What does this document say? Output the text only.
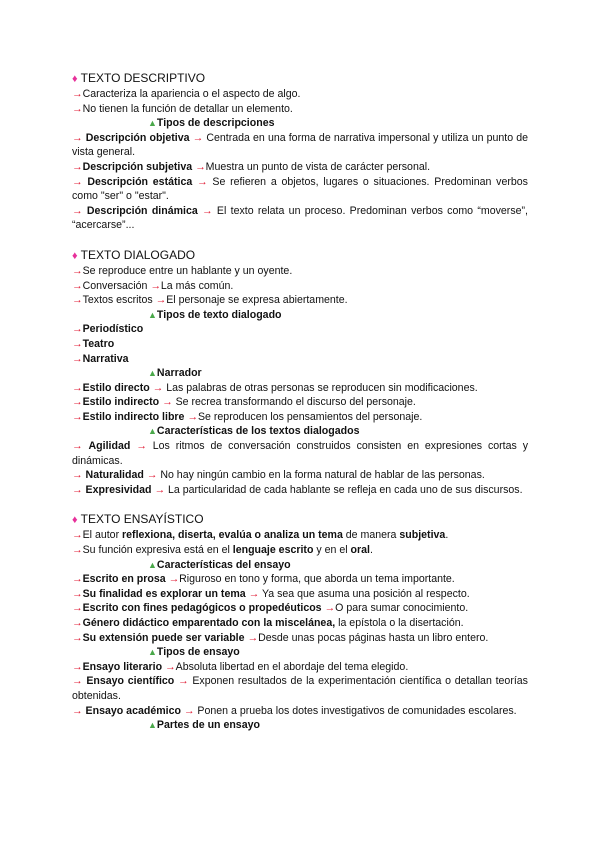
♦ TEXTO DESCRIPTIVO
→Caracteriza la apariencia o el aspecto de algo.
→No tienen la función de detallar un elemento.
▲Tipos de descripciones
→ Descripción objetiva → Centrada en una forma de narrativa impersonal y utiliza un punto de vista general.
→Descripción subjetiva →Muestra un punto de vista de carácter personal.
→ Descripción estática → Se refieren a objetos, lugares o situaciones. Predominan verbos como "ser" o "estar".
→ Descripción dinámica → El texto relata un proceso. Predominan verbos como “moverse”, “acercarse”...
♦ TEXTO DIALOGADO
→Se reproduce entre un hablante y un oyente.
→Conversación →La más común.
→Textos escritos →El personaje se expresa abiertamente.
▲Tipos de texto dialogado
→Periodístico
→Teatro
→Narrativa
▲Narrador
→Estilo directo → Las palabras de otras personas se reproducen sin modificaciones.
→Estilo indirecto → Se recrea transformando el discurso del personaje.
→Estilo indirecto libre →Se reproducen los pensamientos del personaje.
▲Características de los textos dialogados
→ Agilidad → Los ritmos de conversación construidos consisten en expresiones cortas y dinámicas.
→ Naturalidad → No hay ningún cambio en la forma natural de hablar de las personas.
→ Expresividad → La particularidad de cada hablante se refleja en cada uno de sus discursos.
♦ TEXTO ENSAYÍSTICO
→El autor reflexiona, diserta, evalúa o analiza un tema de manera subjetiva.
→Su función expresiva está en el lenguaje escrito y en el oral.
▲Características del ensayo
→Escrito en prosa →Riguroso en tono y forma, que aborda un tema importante.
→Su finalidad es explorar un tema → Ya sea que asuma una posición al respecto.
→Escrito con fines pedagógicos o propedéuticos →O para sumar conocimiento.
→Género didáctico emparentado con la miscelánea, la epístola o la disertación.
→Su extensión puede ser variable →Desde unas pocas páginas hasta un libro entero.
▲Tipos de ensayo
→Ensayo literario →Absoluta libertad en el abordaje del tema elegido.
→ Ensayo científico → Exponen resultados de la experimentación científica o detallan teorías obtenidas.
→ Ensayo académico → Ponen a prueba los dotes investigativos de comunidades escolares.
▲Partes de un ensayo
